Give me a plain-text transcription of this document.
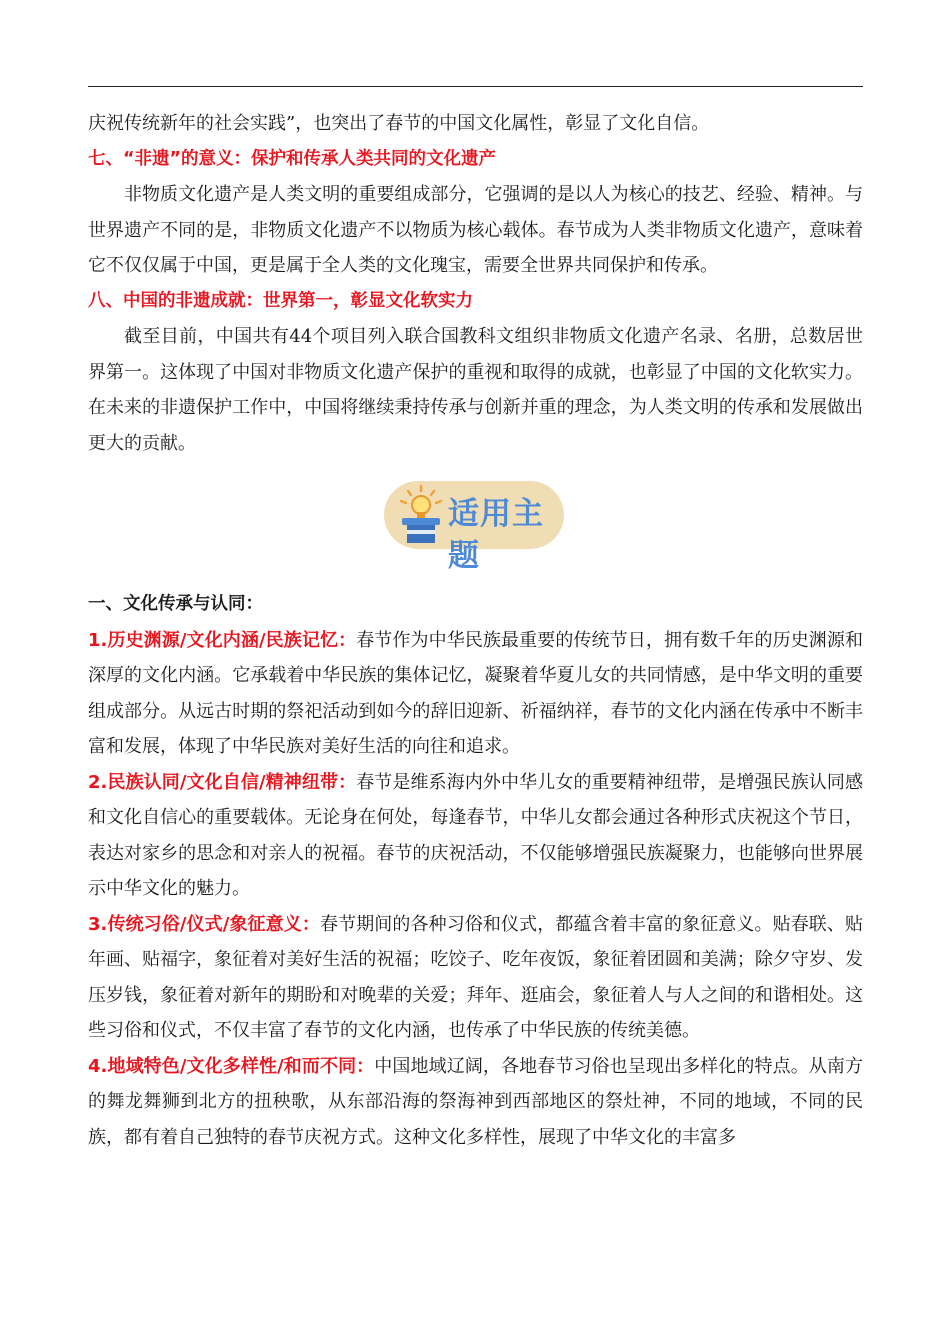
庆祝传统新年的社会实践”，也突出了春节的中国文化属性，彰显了文化自信。

七、“非遗”的意义：保护和传承人类共同的文化遗产

非物质文化遗产是人类文明的重要组成部分，它强调的是以人为核心的技艺、经验、精神。与世界遗产不同的是，非物质文化遗产不以物质为核心载体。春节成为人类非物质文化遗产，意味着它不仅仅属于中国，更是属于全人类的文化瑰宝，需要全世界共同保护和传承。

八、中国的非遗成就：世界第一，彰显文化软实力

截至目前，中国共有44个项目列入联合国教科文组织非物质文化遗产名录、名册，总数居世界第一。这体现了中国对非物质文化遗产保护的重视和取得的成就，也彰显了中国的文化软实力。在未来的非遗保护工作中，中国将继续秉持传承与创新并重的理念，为人类文明的传承和发展做出更大的贡献。

适用主题

一、文化传承与认同：

1.历史渊源/文化内涵/民族记忆：春节作为中华民族最重要的传统节日，拥有数千年的历史渊源和深厚的文化内涵。它承载着中华民族的集体记忆，凝聚着华夏儿女的共同情感，是中华文明的重要组成部分。从远古时期的祭祀活动到如今的辞旧迎新、祈福纳祥，春节的文化内涵在传承中不断丰富和发展，体现了中华民族对美好生活的向往和追求。

2.民族认同/文化自信/精神纽带：春节是维系海内外中华儿女的重要精神纽带，是增强民族认同感和文化自信心的重要载体。无论身在何处，每逢春节，中华儿女都会通过各种形式庆祝这个节日，表达对家乡的思念和对亲人的祝福。春节的庆祝活动，不仅能够增强民族凝聚力，也能够向世界展示中华文化的魅力。

3.传统习俗/仪式/象征意义：春节期间的各种习俗和仪式，都蕴含着丰富的象征意义。贴春联、贴年画、贴福字，象征着对美好生活的祝福；吃饺子、吃年夜饭，象征着团圆和美满；除夕守岁、发压岁钱，象征着对新年的期盼和对晚辈的关爱；拜年、逛庙会，象征着人与人之间的和谐相处。这些习俗和仪式，不仅丰富了春节的文化内涵，也传承了中华民族的传统美德。

4.地域特色/文化多样性/和而不同：中国地域辽阔，各地春节习俗也呈现出多样化的特点。从南方的舞龙舞狮到北方的扭秧歌，从东部沿海的祭海神到西部地区的祭灶神，不同的地域，不同的民族，都有着自己独特的春节庆祝方式。这种文化多样性，展现了中华文化的丰富多
